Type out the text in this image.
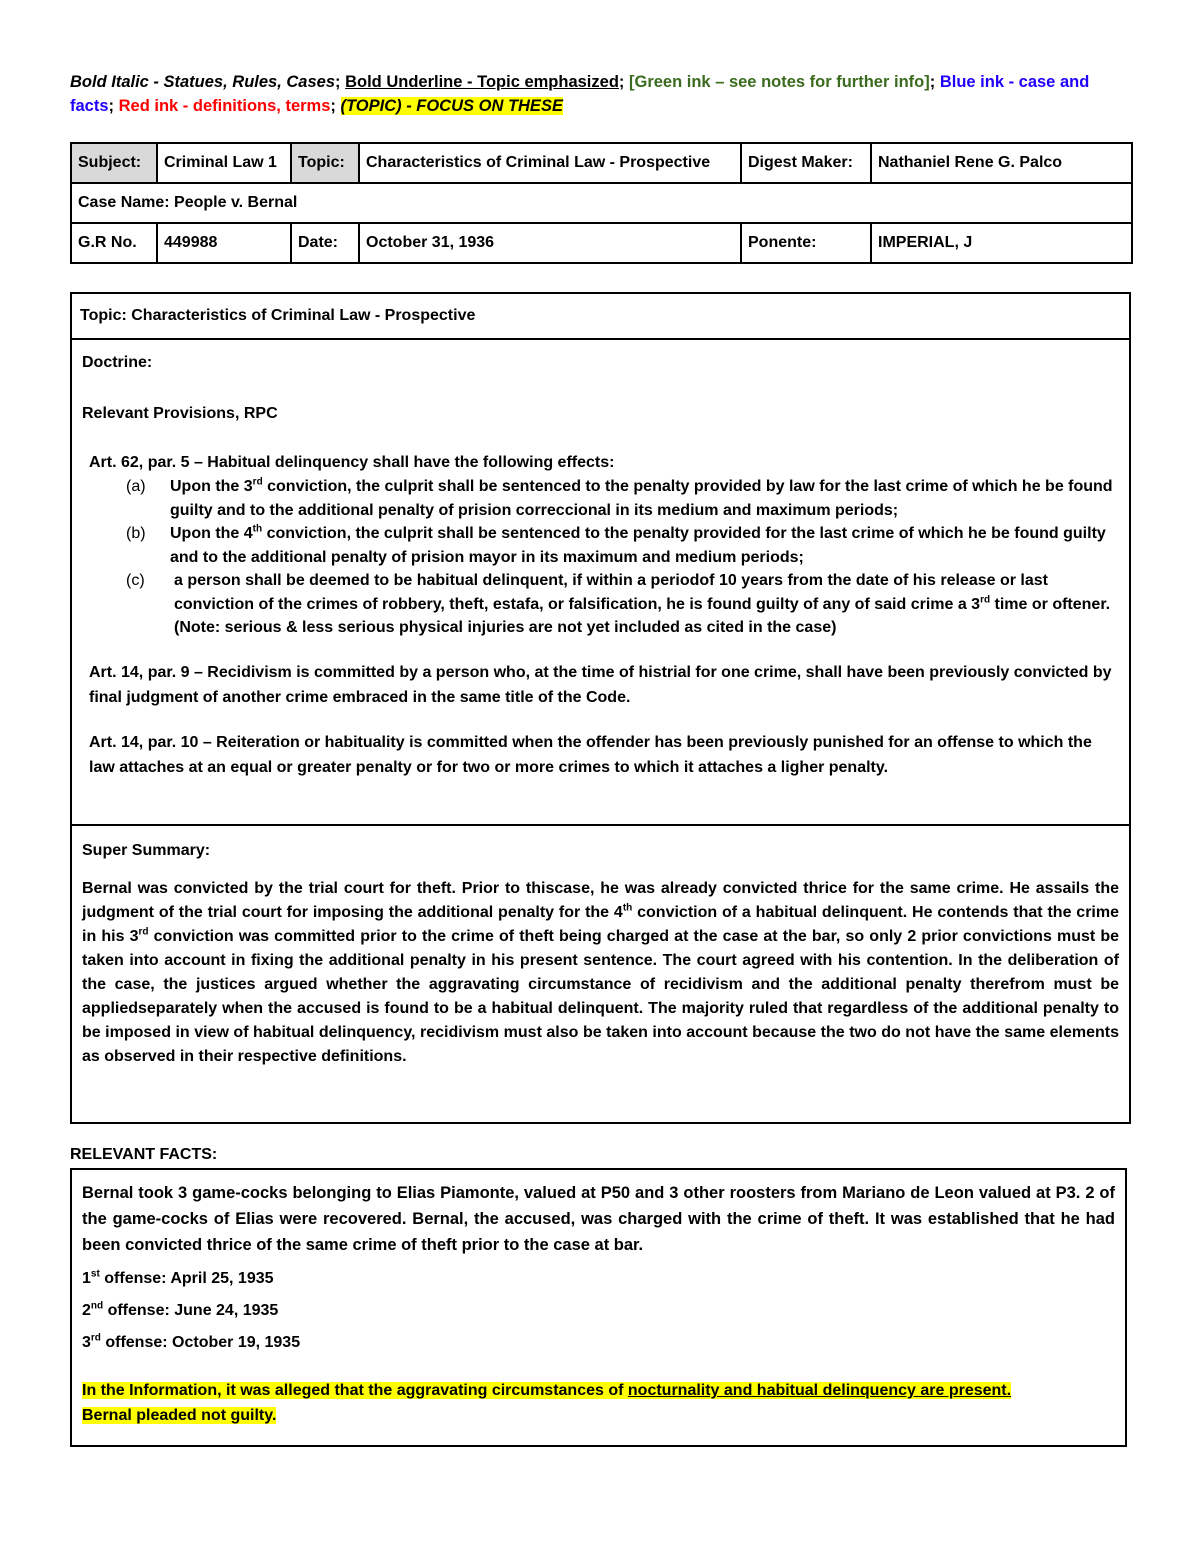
Bold Italic - Statues, Rules, Cases; Bold Underline - Topic emphasized; [Green ink – see notes for further info]; Blue ink - case and facts; Red ink - definitions, terms; (TOPIC) - FOCUS ON THESE
Subject:	Criminal Law 1	Topic:	Characteristics of Criminal Law - Prospective	Digest Maker:	Nathaniel Rene G. Palco
Case Name: People v. Bernal					
G.R No.	449988	Date:	October 31, 1936	Ponente:	IMPERIAL, J
Topic: Characteristics of Criminal Law - Prospective

Doctrine:

Relevant Provisions, RPC

Art. 62, par. 5 – Habitual delinquency shall have the following effects:

(a) Upon the 3rd conviction, the culprit shall be sentenced to the penalty provided by law for the last crime of which he be found guilty and to the additional penalty of prision correccional in its medium and maximum periods;
(b) Upon the 4th conviction, the culprit shall be sentenced to the penalty provided for the last crime of which he be found guilty and to the additional penalty of prision mayor in its maximum and medium periods;
(c) a person shall be deemed to be habitual delinquent, if within a periodof 10 years from the date of his release or last conviction of the crimes of robbery, theft, estafa, or falsification, he is found guilty of any of said crime a 3rd time or oftener. (Note: serious & less serious physical injuries are not yet included as cited in the case)

Art. 14, par. 9 – Recidivism is committed by a person who, at the time of histrial for one crime, shall have been previously convicted by final judgment of another crime embraced in the same title of the Code.

Art. 14, par. 10 – Reiteration or habituality is committed when the offender has been previously punished for an offense to which the law attaches at an equal or greater penalty or for two or more crimes to which it attaches a ligher penalty.

Super Summary:

Bernal was convicted by the trial court for theft. Prior to thiscase, he was already convicted thrice for the same crime. He assails the judgment of the trial court for imposing the additional penalty for the 4th conviction of a habitual delinquent. He contends that the crime in his 3rd conviction was committed prior to the crime of theft being charged at the case at the bar, so only 2 prior convictions must be taken into account in fixing the additional penalty in his present sentence. The court agreed with his contention. In the deliberation of the case, the justices argued whether the aggravating circumstance of recidivism and the additional penalty therefrom must be appliedseparately when the accused is found to be a habitual delinquent. The majority ruled that regardless of the additional penalty to be imposed in view of habitual delinquency, recidivism must also be taken into account because the two do not have the same elements as observed in their respective definitions.

RELEVANT FACTS:

Bernal took 3 game-cocks belonging to Elias Piamonte, valued at P50 and 3 other roosters from Mariano de Leon valued at P3. 2 of the game-cocks of Elias were recovered. Bernal, the accused, was charged with the crime of theft. It was established that he had been convicted thrice of the same crime of theft prior to the case at bar.

1st offense: April 25, 1935

2nd offense: June 24, 1935

3rd offense: October 19, 1935

In the Information, it was alleged that the aggravating circumstances of nocturnality and habitual delinquency are present.
Bernal pleaded not guilty.
